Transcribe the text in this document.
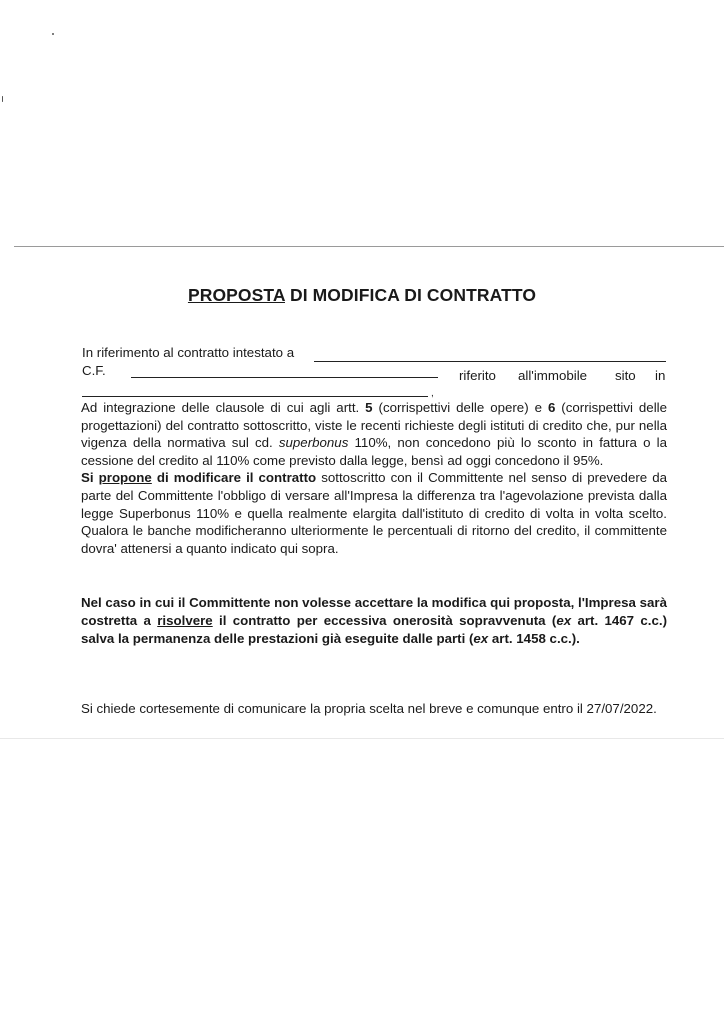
PROPOSTA DI MODIFICA DI CONTRATTO
In riferimento al contratto intestato a
C.F.	riferito all'immobile sito in
,
Ad integrazione delle clausole di cui agli artt. 5 (corrispettivi delle opere) e 6 (corrispettivi delle progettazioni) del contratto sottoscritto, viste le recenti richieste degli istituti di credito che, pur nella vigenza della normativa sul cd. superbonus 110%, non concedono più lo sconto in fattura o la cessione del credito al 110% come previsto dalla legge, bensì ad oggi concedono il 95%.
Si propone di modificare il contratto sottoscritto con il Committente nel senso di prevedere da parte del Committente l'obbligo di versare all'Impresa la differenza tra l'agevolazione prevista dalla legge Superbonus 110% e quella realmente elargita dall'istituto di credito di volta in volta scelto. Qualora le banche modificheranno ulteriormente le percentuali di ritorno del credito, il committente dovra' attenersi a quanto indicato qui sopra.
Nel caso in cui il Committente non volesse accettare la modifica qui proposta, l'Impresa sarà costretta a risolvere il contratto per eccessiva onerosità sopravvenuta (ex art. 1467 c.c.) salva la permanenza delle prestazioni già eseguite dalle parti (ex art. 1458 c.c.).
Si chiede cortesemente di comunicare la propria scelta nel breve e comunque entro il 27/07/2022.
